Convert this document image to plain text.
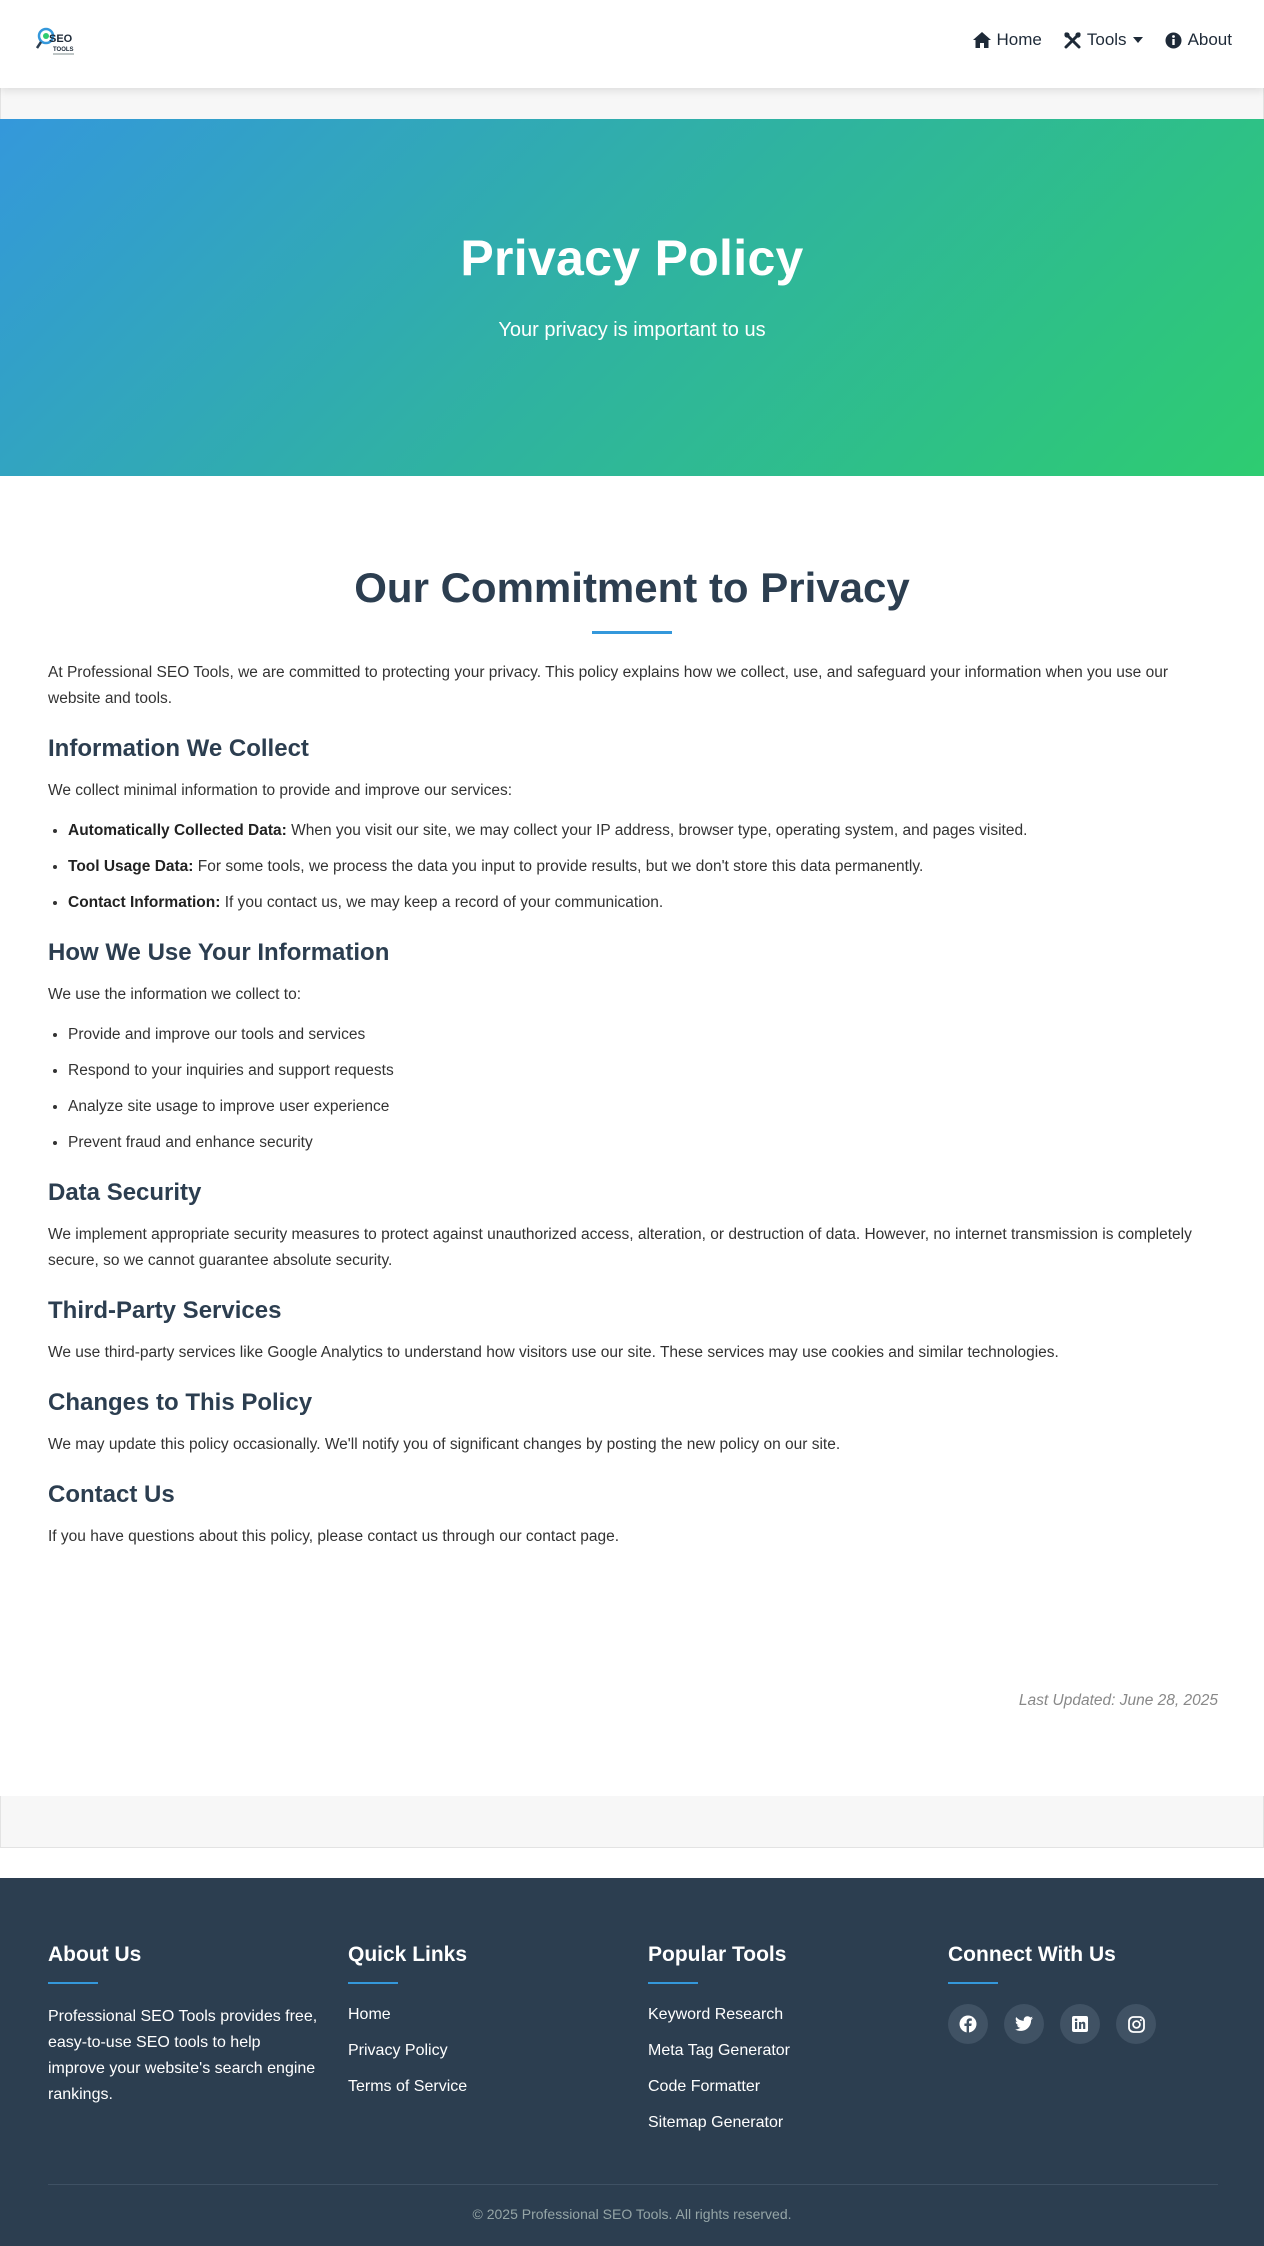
SEO
TOOLS
Home	Tools	About
Privacy Policy

Your privacy is important to us

Our Commitment to Privacy

At Professional SEO Tools, we are committed to protecting your privacy. This policy explains how we collect, use, and safeguard your information when you use our website and tools.

Information We Collect

We collect minimal information to provide and improve our services:

• Automatically Collected Data: When you visit our site, we may collect your IP address, browser type, operating system, and pages visited.
• Tool Usage Data: For some tools, we process the data you input to provide results, but we don't store this data permanently.
• Contact Information: If you contact us, we may keep a record of your communication.
How We Use Your Information

We use the information we collect to:

• Provide and improve our tools and services
• Respond to your inquiries and support requests
• Analyze site usage to improve user experience
• Prevent fraud and enhance security
Data Security

We implement appropriate security measures to protect against unauthorized access, alteration, or destruction of data. However, no internet transmission is completely secure, so we cannot guarantee absolute security.

Third-Party Services

We use third-party services like Google Analytics to understand how visitors use our site. These services may use cookies and similar technologies.

Changes to This Policy

We may update this policy occasionally. We'll notify you of significant changes by posting the new policy on our site.

Contact Us

If you have questions about this policy, please contact us through our contact page.

Last Updated: June 28, 2025
About Us

Professional SEO Tools provides free, easy-to-use SEO tools to help improve your website's search engine rankings.

Quick Links
Home
Privacy Policy
Terms of Service
Popular Tools
Keyword Research
Meta Tag Generator
Code Formatter
Sitemap Generator
Connect With Us
© 2025 Professional SEO Tools. All rights reserved.
